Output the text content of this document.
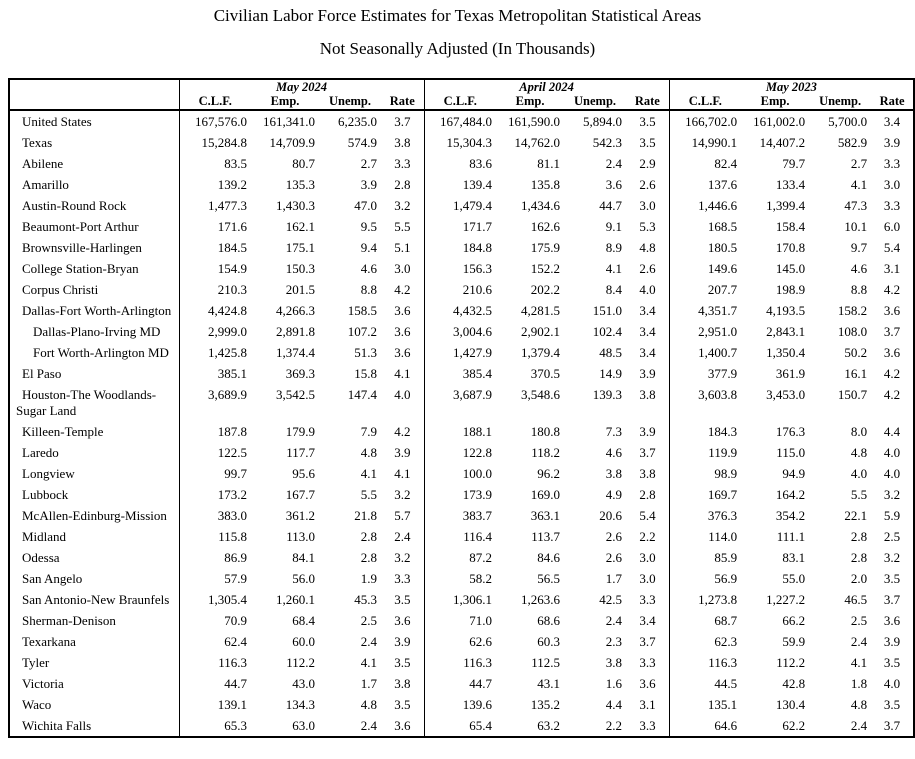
Civilian Labor Force Estimates for Texas Metropolitan Statistical Areas
Not Seasonally Adjusted (In Thousands)

	May 2024				April 2024				May 2023			

	C.L.F.	Emp.	Unemp.	Rate	C.L.F.	Emp.	Unemp.	Rate	C.L.F.	Emp.	Unemp.	Rate
United States	167,576.0	161,341.0	6,235.0	3.7	167,484.0	161,590.0	5,894.0	3.5	166,702.0	161,002.0	5,700.0	3.4
Texas	15,284.8	14,709.9	574.9	3.8	15,304.3	14,762.0	542.3	3.5	14,990.1	14,407.2	582.9	3.9
Abilene	83.5	80.7	2.7	3.3	83.6	81.1	2.4	2.9	82.4	79.7	2.7	3.3
Amarillo	139.2	135.3	3.9	2.8	139.4	135.8	3.6	2.6	137.6	133.4	4.1	3.0
Austin-Round Rock	1,477.3	1,430.3	47.0	3.2	1,479.4	1,434.6	44.7	3.0	1,446.6	1,399.4	47.3	3.3
Beaumont-Port Arthur	171.6	162.1	9.5	5.5	171.7	162.6	9.1	5.3	168.5	158.4	10.1	6.0
Brownsville-Harlingen	184.5	175.1	9.4	5.1	184.8	175.9	8.9	4.8	180.5	170.8	9.7	5.4
College Station-Bryan	154.9	150.3	4.6	3.0	156.3	152.2	4.1	2.6	149.6	145.0	4.6	3.1
Corpus Christi	210.3	201.5	8.8	4.2	210.6	202.2	8.4	4.0	207.7	198.9	8.8	4.2
Dallas-Fort Worth-Arlington	4,424.8	4,266.3	158.5	3.6	4,432.5	4,281.5	151.0	3.4	4,351.7	4,193.5	158.2	3.6
Dallas-Plano-Irving MD	2,999.0	2,891.8	107.2	3.6	3,004.6	2,902.1	102.4	3.4	2,951.0	2,843.1	108.0	3.7
Fort Worth-Arlington MD	1,425.8	1,374.4	51.3	3.6	1,427.9	1,379.4	48.5	3.4	1,400.7	1,350.4	50.2	3.6
El Paso	385.1	369.3	15.8	4.1	385.4	370.5	14.9	3.9	377.9	361.9	16.1	4.2

Houston-The Woodlands-
Sugar Land	3,689.9	3,542.5	147.4	4.0	3,687.9	3,548.6	139.3	3.8	3,603.8	3,453.0	150.7	4.2
Killeen-Temple	187.8	179.9	7.9	4.2	188.1	180.8	7.3	3.9	184.3	176.3	8.0	4.4
Laredo	122.5	117.7	4.8	3.9	122.8	118.2	4.6	3.7	119.9	115.0	4.8	4.0
Longview	99.7	95.6	4.1	4.1	100.0	96.2	3.8	3.8	98.9	94.9	4.0	4.0
Lubbock	173.2	167.7	5.5	3.2	173.9	169.0	4.9	2.8	169.7	164.2	5.5	3.2
McAllen-Edinburg-Mission	383.0	361.2	21.8	5.7	383.7	363.1	20.6	5.4	376.3	354.2	22.1	5.9
Midland	115.8	113.0	2.8	2.4	116.4	113.7	2.6	2.2	114.0	111.1	2.8	2.5
Odessa	86.9	84.1	2.8	3.2	87.2	84.6	2.6	3.0	85.9	83.1	2.8	3.2
San Angelo	57.9	56.0	1.9	3.3	58.2	56.5	1.7	3.0	56.9	55.0	2.0	3.5
San Antonio-New Braunfels	1,305.4	1,260.1	45.3	3.5	1,306.1	1,263.6	42.5	3.3	1,273.8	1,227.2	46.5	3.7
Sherman-Denison	70.9	68.4	2.5	3.6	71.0	68.6	2.4	3.4	68.7	66.2	2.5	3.6
Texarkana	62.4	60.0	2.4	3.9	62.6	60.3	2.3	3.7	62.3	59.9	2.4	3.9
Tyler	116.3	112.2	4.1	3.5	116.3	112.5	3.8	3.3	116.3	112.2	4.1	3.5
Victoria	44.7	43.0	1.7	3.8	44.7	43.1	1.6	3.6	44.5	42.8	1.8	4.0
Waco	139.1	134.3	4.8	3.5	139.6	135.2	4.4	3.1	135.1	130.4	4.8	3.5
Wichita Falls	65.3	63.0	2.4	3.6	65.4	63.2	2.2	3.3	64.6	62.2	2.4	3.7
